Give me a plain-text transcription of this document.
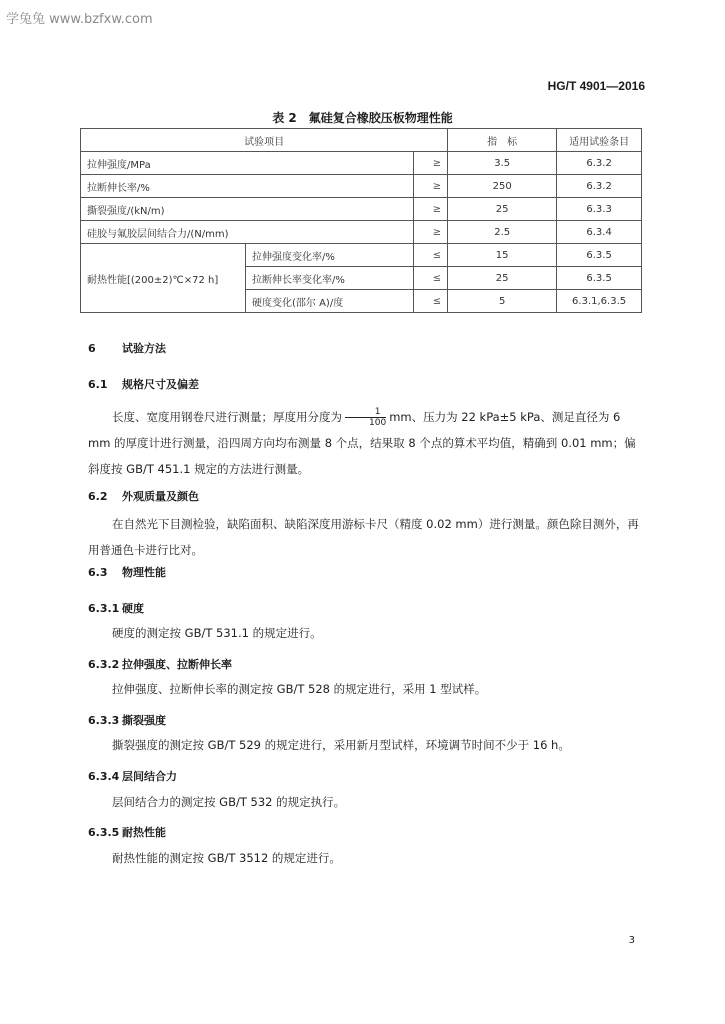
学兔兔 www.bzfxw.com
HG/T 4901—2016
表 2　氟硅复合橡胶压板物理性能
试验项目			指　标	适用试验条目
拉伸强度/MPa		≥	3.5	6.3.2
拉断伸长率/%		≥	250	6.3.2
撕裂强度/(kN/m)		≥	25	6.3.3
硅胶与氟胶层间结合力/(N/mm)		≥	2.5	6.3.4
耐热性能[(200±2)℃×72 h]	拉伸强度变化率/%	≤	15	6.3.5
	拉断伸长率变化率/%	≤	25	6.3.5
	硬度变化(邵尔 A)/度	≤	5	6.3.1,6.3.5
6 试验方法
6.1 规格尺寸及偏差
长度、宽度用钢卷尺进行测量；厚度用分度为 $\frac{1}{100}$ mm、压力为 22 kPa±5 kPa、测足直径为 6 mm 的厚度计进行测量，沿四周方向均布测量 8 个点，结果取 8 个点的算术平均值，精确到 0.01 mm；偏斜度按 GB/T 451.1 规定的方法进行测量。
6.2 外观质量及颜色
在自然光下目测检验，缺陷面积、缺陷深度用游标卡尺（精度 0.02 mm）进行测量。颜色除目测外，再用普通色卡进行比对。
6.3 物理性能
6.3.1 硬度
硬度的测定按 GB/T 531.1 的规定进行。
6.3.2 拉伸强度、拉断伸长率
拉伸强度、拉断伸长率的测定按 GB/T 528 的规定进行，采用 1 型试样。
6.3.3 撕裂强度
撕裂强度的测定按 GB/T 529 的规定进行，采用新月型试样，环境调节时间不少于 16 h。
6.3.4 层间结合力
层间结合力的测定按 GB/T 532 的规定执行。
6.3.5 耐热性能
耐热性能的测定按 GB/T 3512 的规定进行。
3
